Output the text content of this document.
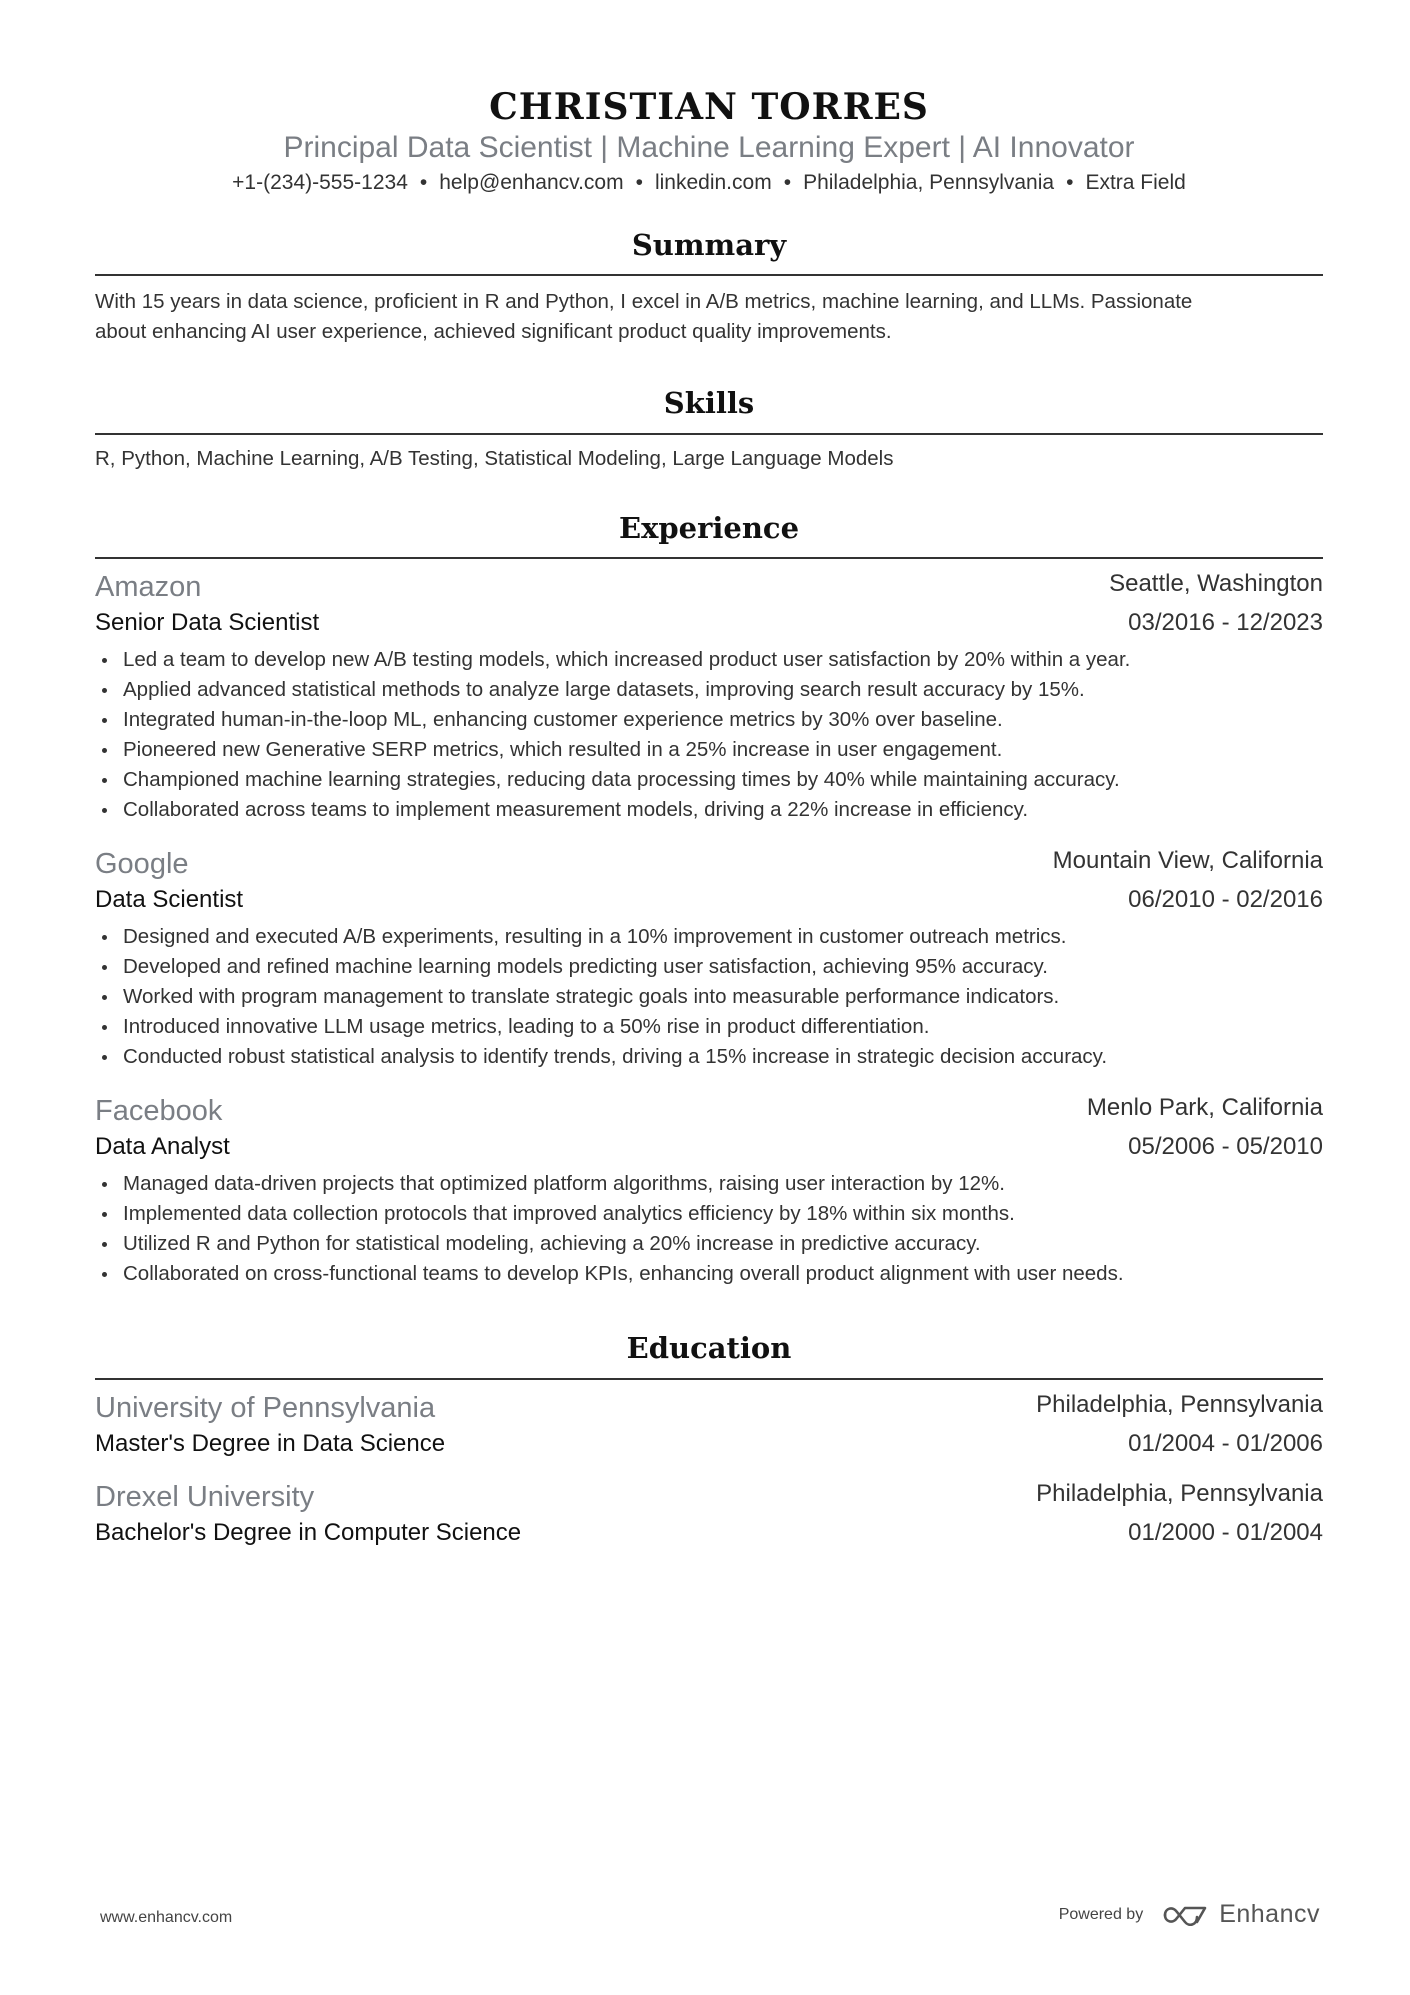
CHRISTIAN TORRES
Principal Data Scientist | Machine Learning Expert | AI Innovator
+1-(234)-555-1234 • help@enhancv.com • linkedin.com • Philadelphia, Pennsylvania • Extra Field
Summary
With 15 years in data science, proficient in R and Python, I excel in A/B metrics, machine learning, and LLMs. Passionate
about enhancing AI user experience, achieved significant product quality improvements.
Skills
R, Python, Machine Learning, A/B Testing, Statistical Modeling, Large Language Models
Experience
Amazon	Seattle, Washington
Senior Data Scientist	03/2016 - 12/2023
Led a team to develop new A/B testing models, which increased product user satisfaction by 20% within a year.
Applied advanced statistical methods to analyze large datasets, improving search result accuracy by 15%.
Integrated human-in-the-loop ML, enhancing customer experience metrics by 30% over baseline.
Pioneered new Generative SERP metrics, which resulted in a 25% increase in user engagement.
Championed machine learning strategies, reducing data processing times by 40% while maintaining accuracy.
Collaborated across teams to implement measurement models, driving a 22% increase in efficiency.
Google	Mountain View, California
Data Scientist	06/2010 - 02/2016
Designed and executed A/B experiments, resulting in a 10% improvement in customer outreach metrics.
Developed and refined machine learning models predicting user satisfaction, achieving 95% accuracy.
Worked with program management to translate strategic goals into measurable performance indicators.
Introduced innovative LLM usage metrics, leading to a 50% rise in product differentiation.
Conducted robust statistical analysis to identify trends, driving a 15% increase in strategic decision accuracy.
Facebook	Menlo Park, California
Data Analyst	05/2006 - 05/2010
Managed data-driven projects that optimized platform algorithms, raising user interaction by 12%.
Implemented data collection protocols that improved analytics efficiency by 18% within six months.
Utilized R and Python for statistical modeling, achieving a 20% increase in predictive accuracy.
Collaborated on cross-functional teams to develop KPIs, enhancing overall product alignment with user needs.
Education
University of Pennsylvania	Philadelphia, Pennsylvania
Master's Degree in Data Science	01/2004 - 01/2006
Drexel University	Philadelphia, Pennsylvania
Bachelor's Degree in Computer Science	01/2000 - 01/2004
www.enhancv.com	Powered by	Enhancv
